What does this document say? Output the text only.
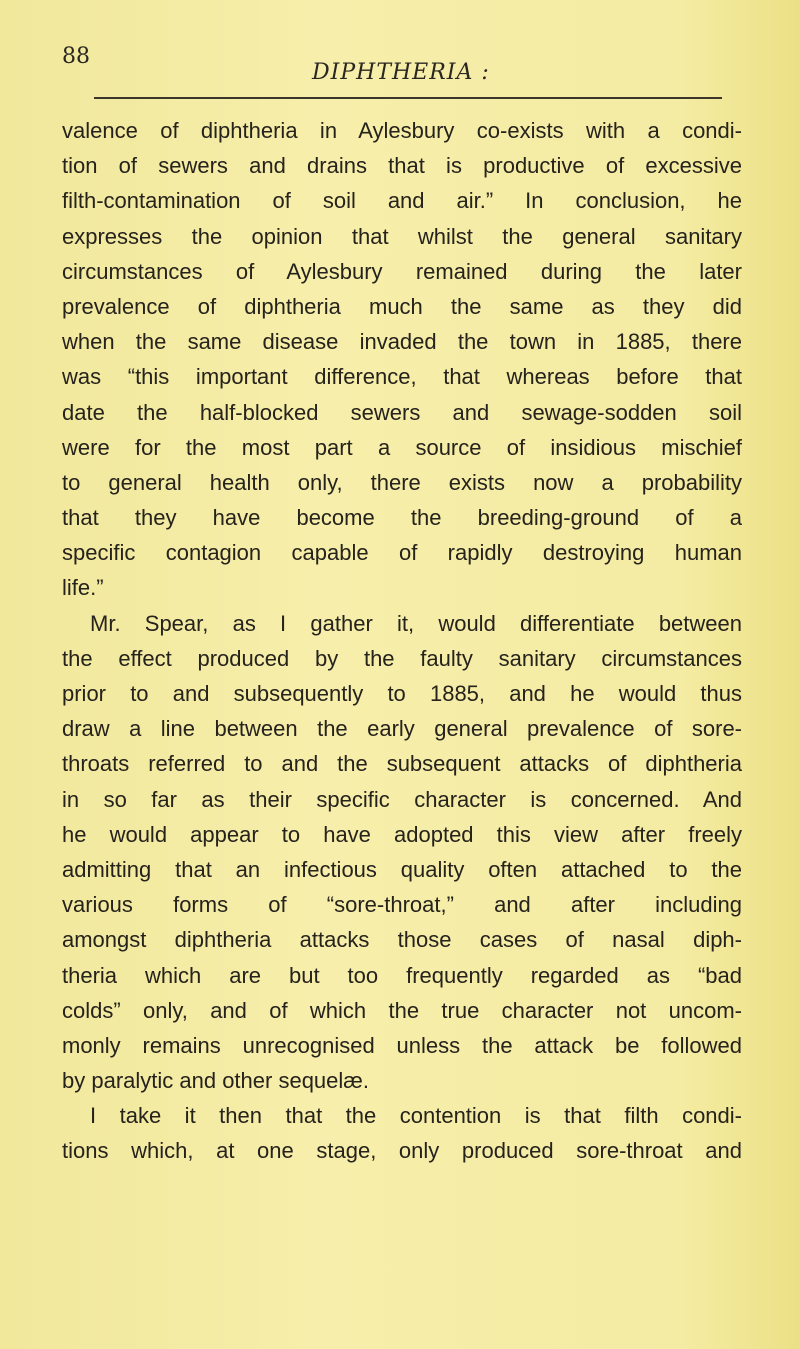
88
DIPHTHERIA :
valence of diphtheria in Aylesbury co-exists with a condi-
tion of sewers and drains that is productive of excessive
filth-contamination of soil and air.” In conclusion, he
expresses the opinion that whilst the general sanitary
circumstances of Aylesbury remained during the later
prevalence of diphtheria much the same as they did
when the same disease invaded the town in 1885, there
was “this important difference, that whereas before that
date the half-blocked sewers and sewage-sodden soil
were for the most part a source of insidious mischief
to general health only, there exists now a probability
that they have become the breeding-ground of a
specific contagion capable of rapidly destroying human
life.”
Mr. Spear, as I gather it, would differentiate between
the effect produced by the faulty sanitary circumstances
prior to and subsequently to 1885, and he would thus
draw a line between the early general prevalence of sore-
throats referred to and the subsequent attacks of diphtheria
in so far as their specific character is concerned. And
he would appear to have adopted this view after freely
admitting that an infectious quality often attached to the
various forms of “sore-throat,” and after including
amongst diphtheria attacks those cases of nasal diph-
theria which are but too frequently regarded as “bad
colds” only, and of which the true character not uncom-
monly remains unrecognised unless the attack be followed
by paralytic and other sequelæ.
I take it then that the contention is that filth condi-
tions which, at one stage, only produced sore-throat and
